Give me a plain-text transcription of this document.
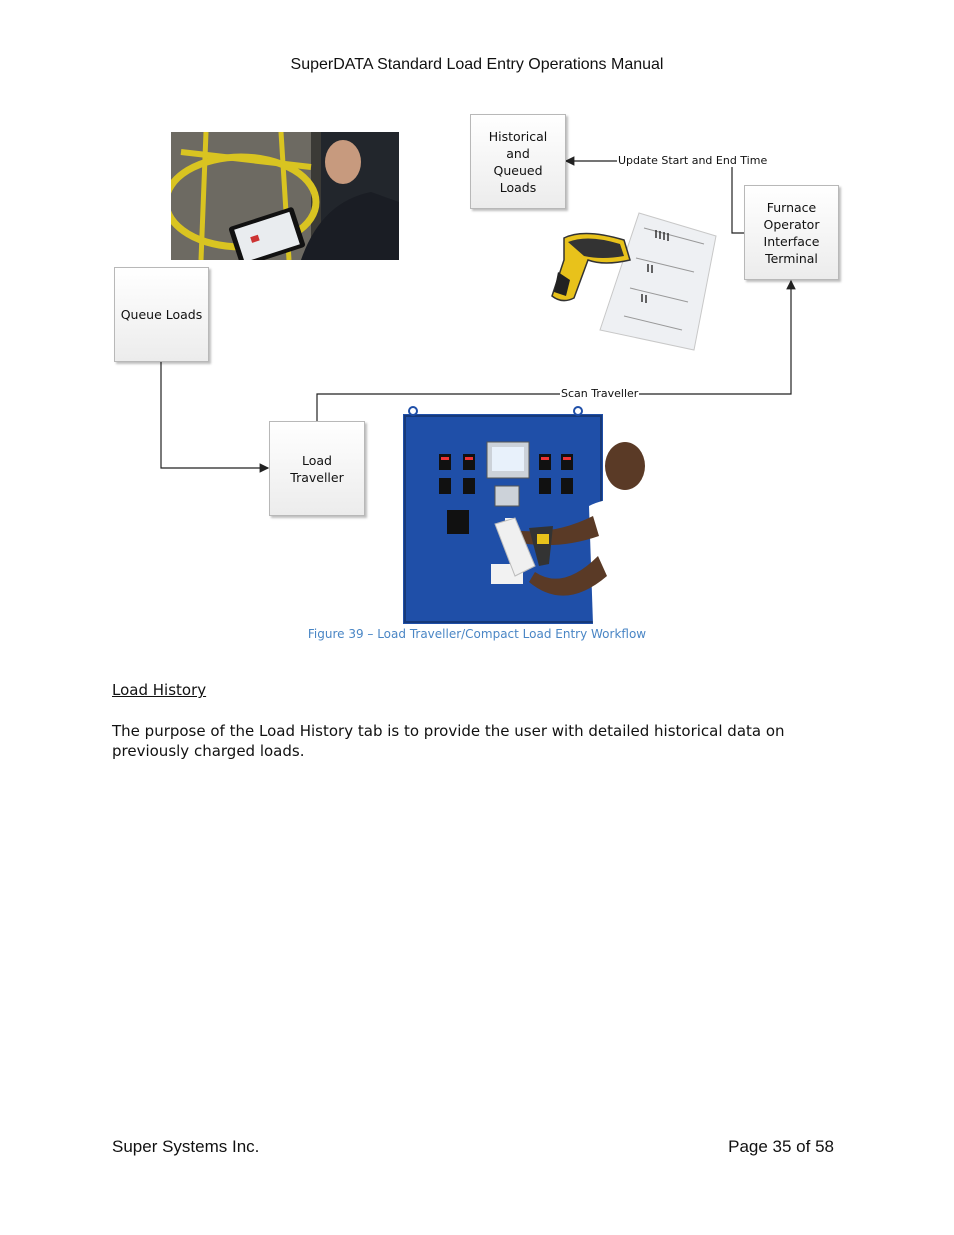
SuperDATA Standard Load Entry Operations Manual
Update Start and End Time
Scan Traveller
Historical and
Queued Loads
Furnace
Operator
Interface
Terminal
Queue Loads
Load Traveller
Figure 39 – Load Traveller/Compact Load Entry Workflow
Load History
The purpose of the Load History tab is to provide the user with detailed historical data on previously charged loads.
Super Systems Inc.	Page 35 of 58
